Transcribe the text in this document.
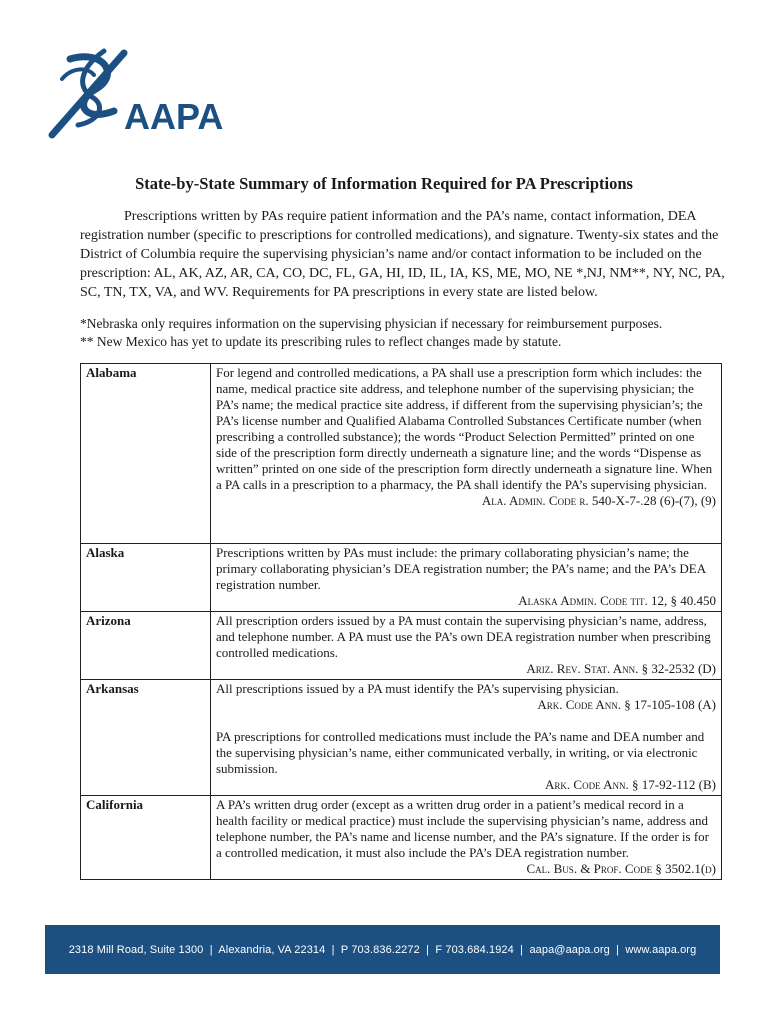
AAPA
State-by-State Summary of Information Required for PA Prescriptions

Prescriptions written by PAs require patient information and the PA’s name, contact information, DEA registration number (specific to prescriptions for controlled medications), and signature. Twenty-six states and the District of Columbia require the supervising physician’s name and/or contact information to be included on the prescription: AL, AK, AZ, AR, CA, CO, DC, FL, GA, HI, ID, IL, IA, KS, ME, MO, NE *,NJ, NM**, NY, NC, PA, SC, TN, TX, VA, and WV. Requirements for PA prescriptions in every state are listed below.

*Nebraska only requires information on the supervising physician if necessary for reimbursement purposes.

** New Mexico has yet to update its prescribing rules to reflect changes made by statute.

Alabama	For legend and controlled medications, a PA shall use a prescription form which includes: the name, medical practice site address, and telephone number of the supervising physician; the PA’s name; the medical practice site address, if different from the supervising physician’s; the PA’s license number and Qualified Alabama Controlled Substances Certificate number (when prescribing a controlled substance); the words “Product Selection Permitted” printed on one side of the prescription form directly underneath a signature line; and the words “Dispense as written” printed on one side of the prescription form directly underneath a signature line. When a PA calls in a prescription to a pharmacy, the PA shall identify the PA’s supervising physician.
Ala. Admin. Code r. 540-X-7-.28 (6)-(7), (9)

Alaska	Prescriptions written by PAs must include: the primary collaborating physician’s name; the primary collaborating physician’s DEA registration number; the PA’s name; and the PA’s DEA registration number.
Alaska Admin. Code tit. 12, § 40.450

Arizona	All prescription orders issued by a PA must contain the supervising physician’s name, address, and telephone number. A PA must use the PA’s own DEA registration number when prescribing controlled medications.
Ariz. Rev. Stat. Ann. § 32-2532 (D)

Arkansas	All prescriptions issued by a PA must identify the PA’s supervising physician.
Ark. Code Ann. § 17-105-108 (A)
PA prescriptions for controlled medications must include the PA’s name and DEA number and the supervising physician’s name, either communicated verbally, in writing, or via electronic submission.
Ark. Code Ann. § 17-92-112 (B)

California	A PA’s written drug order (except as a written drug order in a patient’s medical record in a health facility or medical practice) must include the supervising physician’s name, address and telephone number, the PA’s name and license number, and the PA’s signature. If the order is for a controlled medication, it must also include the PA’s DEA registration number.
Cal. Bus. & Prof. Code § 3502.1(d)
2318 Mill Road, Suite 1300  |  Alexandria, VA 22314  |  P 703.836.2272  |  F 703.684.1924  |  aapa@aapa.org  |  www.aapa.org
